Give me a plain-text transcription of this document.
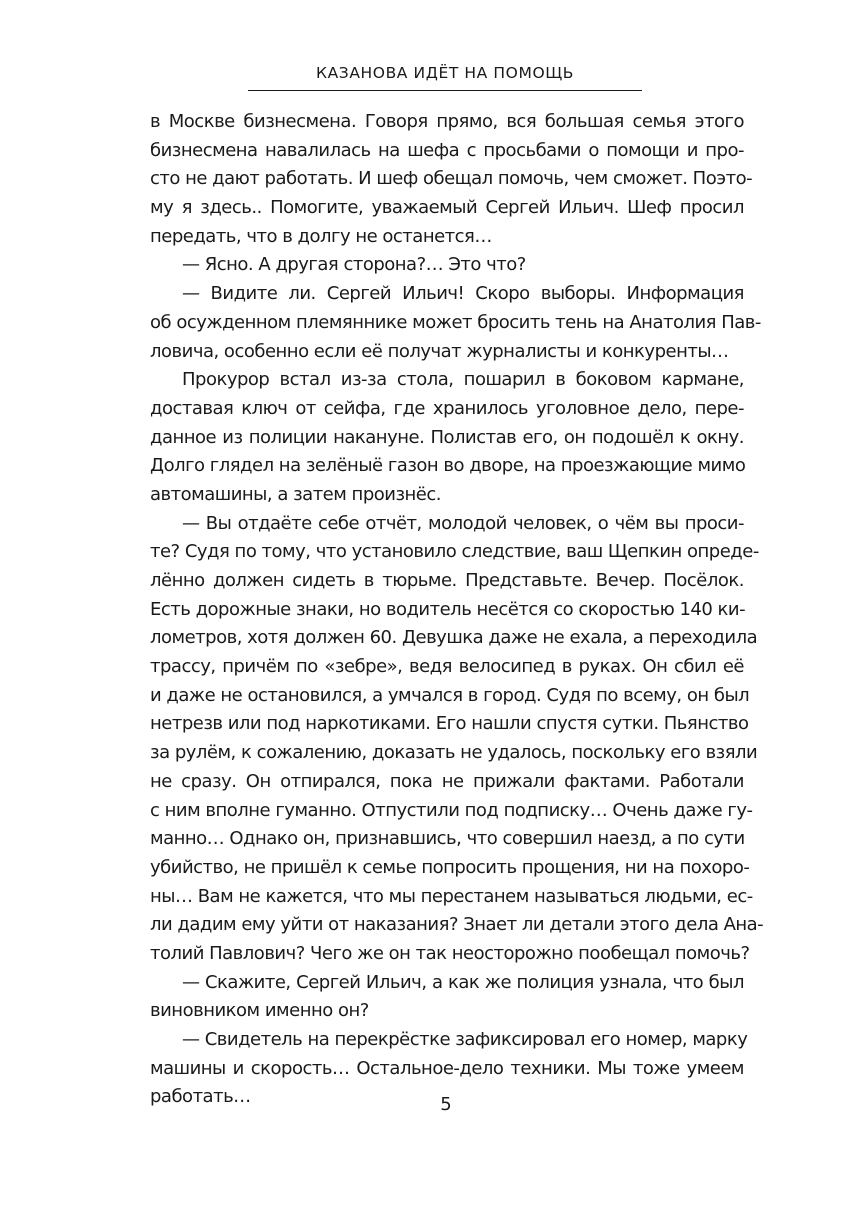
КАЗАНОВА ИДЁТ НА ПОМОЩЬ
в Москве бизнесмена. Говоря прямо, вся большая семья этого
бизнесмена навалилась на шефа с просьбами о помощи и про-
сто не дают работать. И шеф обещал помочь, чем сможет. Поэто-
му я здесь.. Помогите, уважаемый Сергей Ильич. Шеф просил
передать, что в долгу не останется…
— Ясно. А другая сторона?… Это что?
— Видите ли. Сергей Ильич! Скоро выборы. Информация
об осужденном племяннике может бросить тень на Анатолия Пав-
ловича, особенно если её получат журналисты и конкуренты…
Прокурор встал из-за стола, пошарил в боковом кармане,
доставая ключ от сейфа, где хранилось уголовное дело, пере-
данное из полиции накануне. Полистав его, он подошёл к окну.
Долго глядел на зелёныё газон во дворе, на проезжающие мимо
автомашины, а затем произнёс.
— Вы отдаёте себе отчёт, молодой человек, о чём вы проси-
те? Судя по тому, что установило следствие, ваш Щепкин опреде-
лённо должен сидеть в тюрьме. Представьте. Вечер. Посёлок.
Есть дорожные знаки, но водитель несётся со скоростью 140 ки-
лометров, хотя должен 60. Девушка даже не ехала, а переходила
трассу, причём по «зебре», ведя велосипед в руках. Он сбил её
и даже не остановился, а умчался в город. Судя по всему, он был
нетрезв или под наркотиками. Его нашли спустя сутки. Пьянство
за рулём, к сожалению, доказать не удалось, поскольку его взяли
не сразу. Он отпирался, пока не прижали фактами. Работали
с ним вполне гуманно. Отпустили под подписку… Очень даже гу-
манно… Однако он, признавшись, что совершил наезд, а по сути
убийство, не пришёл к семье попросить прощения, ни на похоро-
ны… Вам не кажется, что мы перестанем называться людьми, ес-
ли дадим ему уйти от наказания? Знает ли детали этого дела Ана-
толий Павлович? Чего же он так неосторожно пообещал помочь?
— Скажите, Сергей Ильич, а как же полиция узнала, что был
виновником именно он?
— Свидетель на перекрёстке зафиксировал его номер, марку
машины и скорость… Остальное-дело техники. Мы тоже умеем
работать…	5
